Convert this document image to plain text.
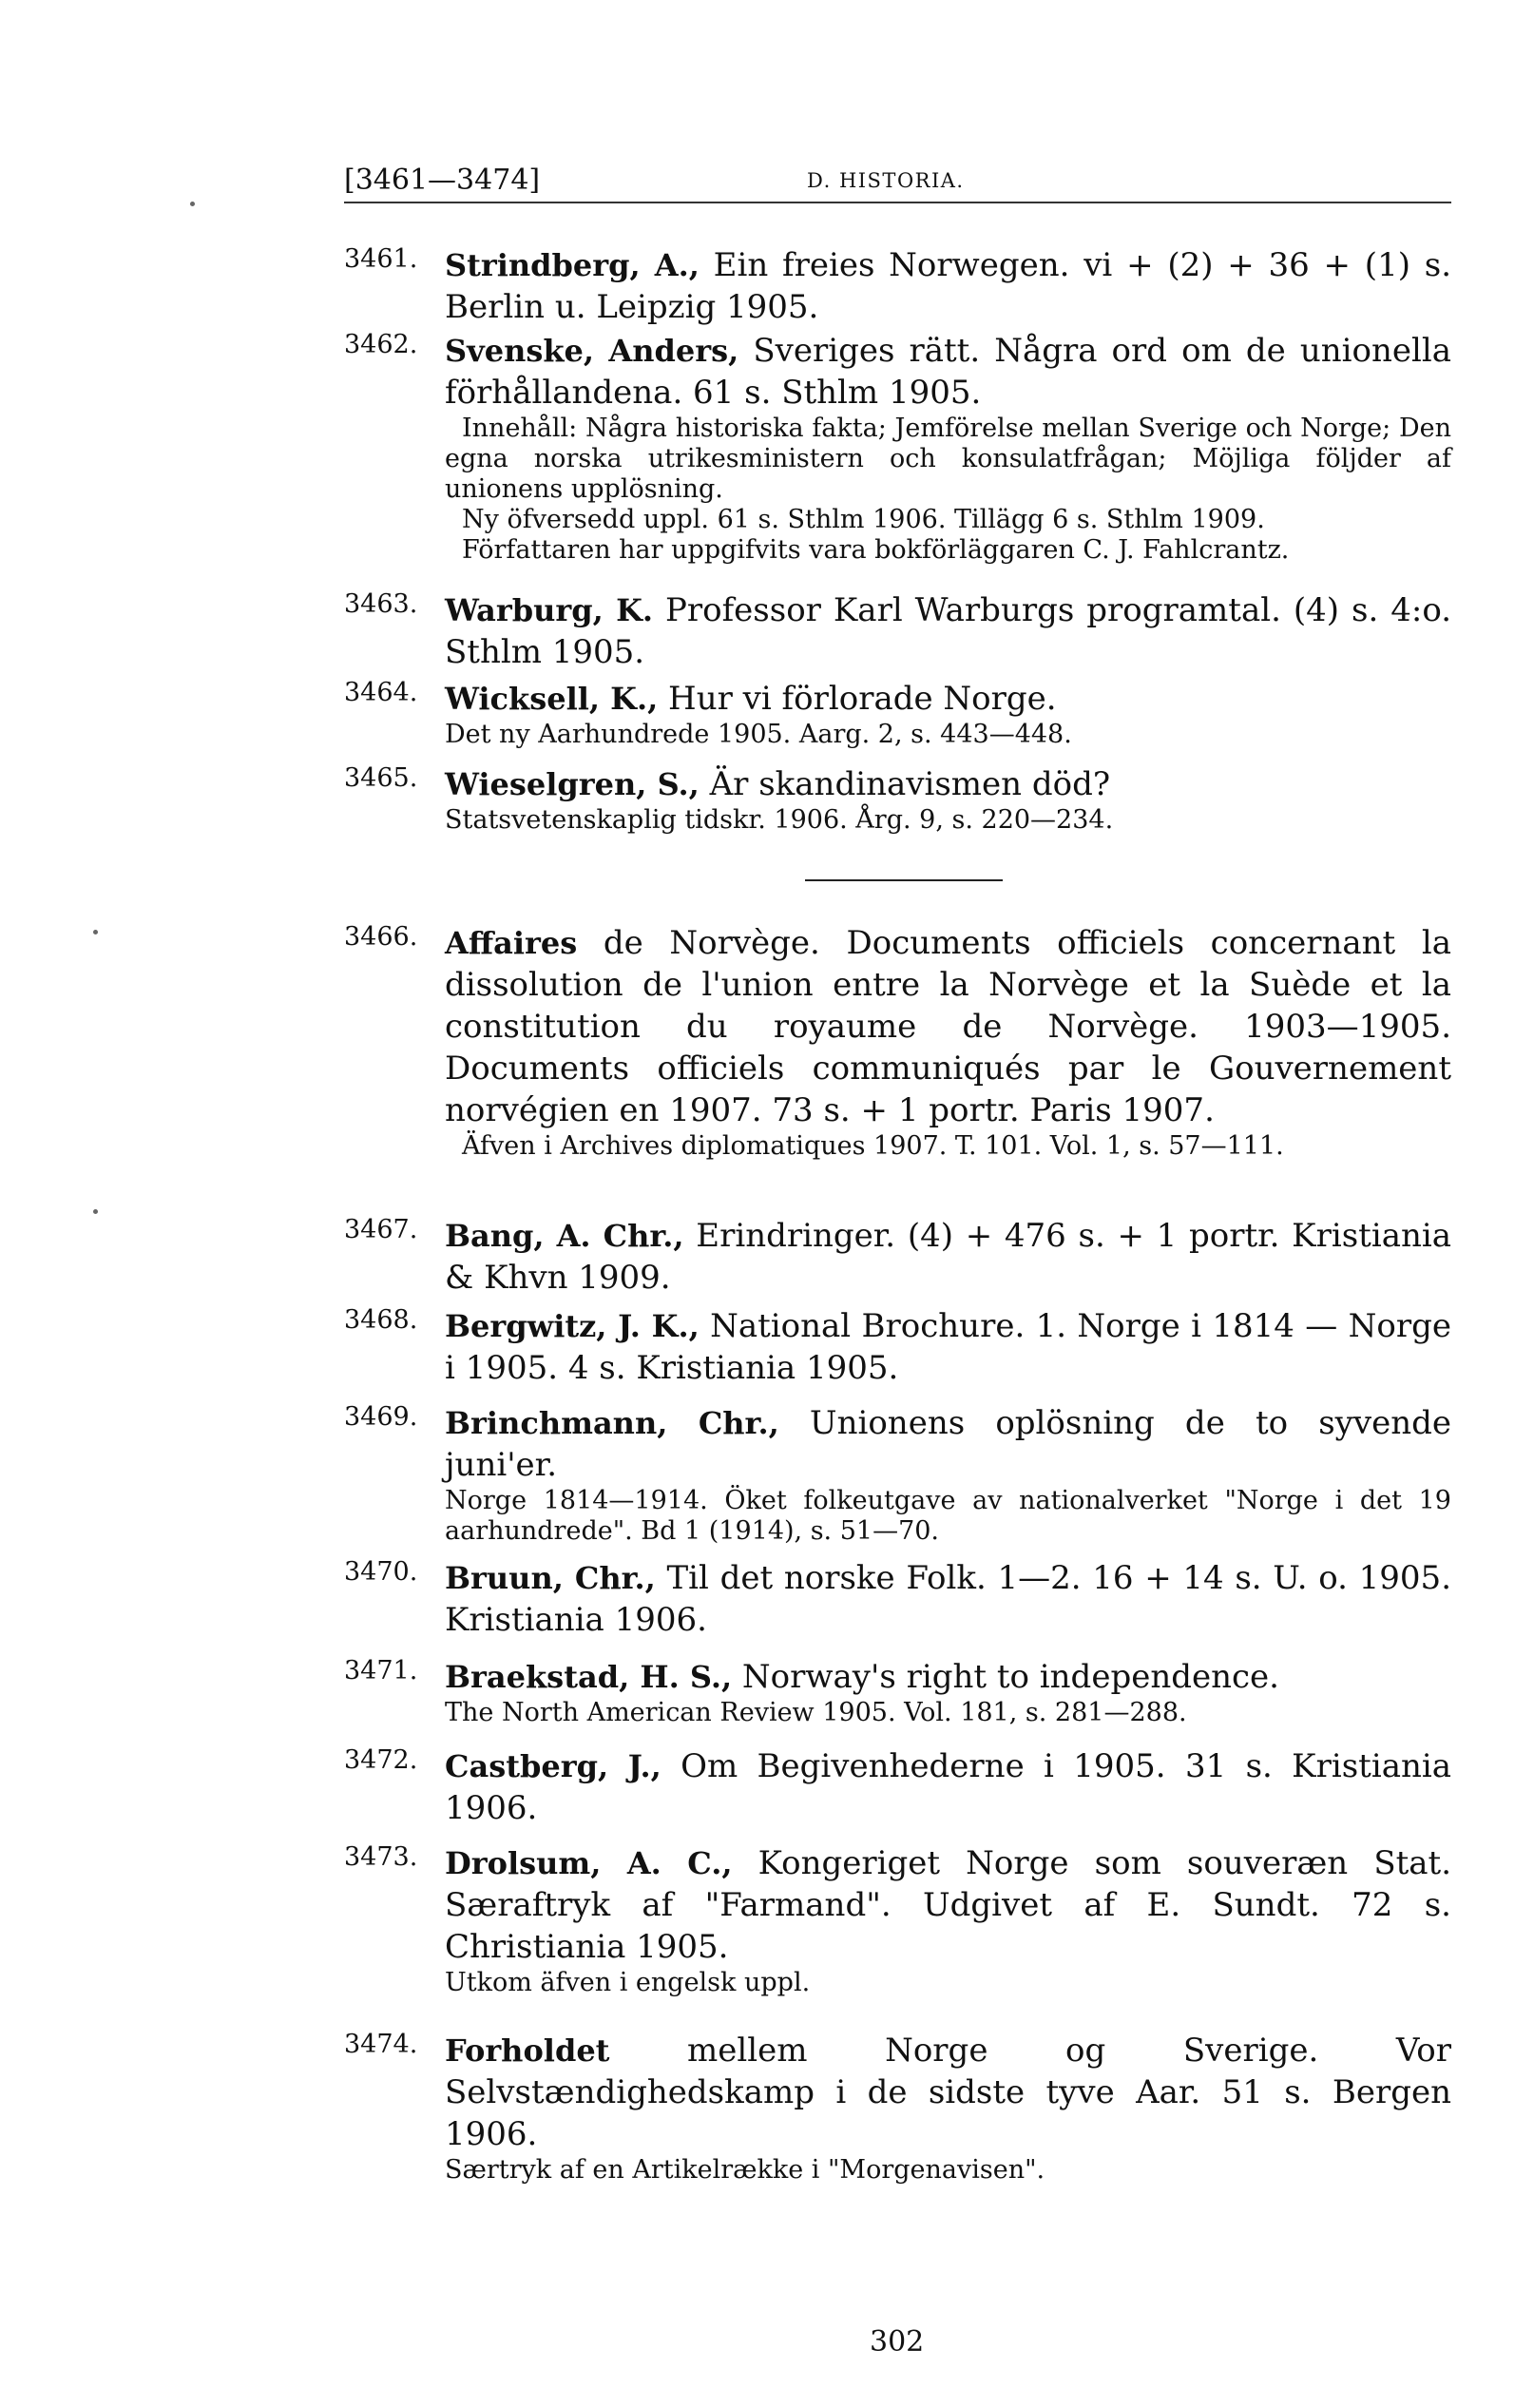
[3461—3474]	D. HISTORIA.
3461. Strindberg, A., Ein freies Norwegen. vi + (2) + 36 + (1) s. Berlin u. Leipzig 1905.
3462. Svenske, Anders, Sveriges rätt. Några ord om de unionella förhållandena. 61 s. Sthlm 1905.
Innehåll: Några historiska fakta; Jemförelse mellan Sverige och Norge; Den egna norska utrikesministern och konsulatfrågan; Möjliga följder af unionens upplösning.
Ny öfversedd uppl. 61 s. Sthlm 1906. Tillägg 6 s. Sthlm 1909.
Författaren har uppgifvits vara bokförläggaren C. J. Fahlcrantz.
3463. Warburg, K. Professor Karl Warburgs programtal. (4) s. 4:o. Sthlm 1905.
3464. Wicksell, K., Hur vi förlorade Norge.
Det ny Aarhundrede 1905. Aarg. 2, s. 443—448.
3465. Wieselgren, S., Är skandinavismen död?
Statsvetenskaplig tidskr. 1906. Årg. 9, s. 220—234.
3466. Affaires de Norvège. Documents officiels concernant la dissolution de l'union entre la Norvège et la Suède et la constitution du royaume de Norvège. 1903—1905. Documents officiels communiqués par le Gouvernement norvégien en 1907. 73 s. + 1 portr. Paris 1907.
Äfven i Archives diplomatiques 1907. T. 101. Vol. 1, s. 57—111.
3467. Bang, A. Chr., Erindringer. (4) + 476 s. + 1 portr. Kristiania & Khvn 1909.
3468. Bergwitz, J. K., National Brochure. 1. Norge i 1814 — Norge i 1905. 4 s. Kristiania 1905.
3469. Brinchmann, Chr., Unionens oplösning de to syvende juni'er.
Norge 1814—1914. Öket folkeutgave av nationalverket "Norge i det 19 aarhundrede". Bd 1 (1914), s. 51—70.
3470. Bruun, Chr., Til det norske Folk. 1—2. 16 + 14 s. U. o. 1905. Kristiania 1906.
3471. Braekstad, H. S., Norway's right to independence.
The North American Review 1905. Vol. 181, s. 281—288.
3472. Castberg, J., Om Begivenhederne i 1905. 31 s. Kristiania 1906.
3473. Drolsum, A. C., Kongeriget Norge som souveræn Stat. Særaftryk af "Farmand". Udgivet af E. Sundt. 72 s. Christiania 1905.
Utkom äfven i engelsk uppl.
3474. Forholdet mellem Norge og Sverige. Vor Selvstændighedskamp i de sidste tyve Aar. 51 s. Bergen 1906.
Særtryk af en Artikelrække i "Morgenavisen".
302
